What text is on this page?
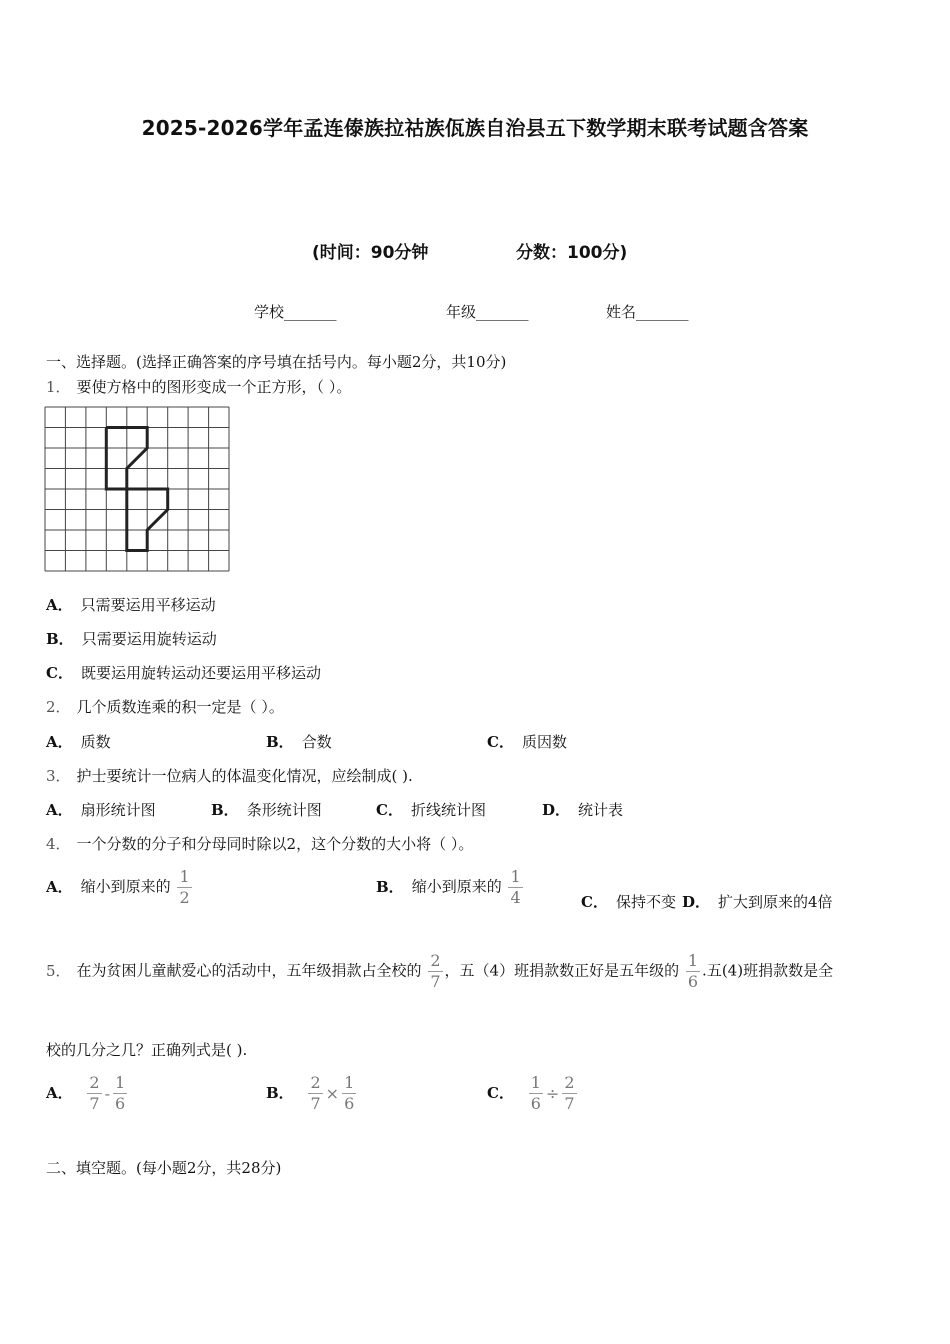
2025-2026学年孟连傣族拉祜族佤族自治县五下数学期末联考试题含答案
(时间：90分钟	分数：100分)
学校_______	年级_______	姓名_______
一、选择题。(选择正确答案的序号填在括号内。每小题2分，共10分)
1． 要使方格中的图形变成一个正方形，（ ）。
A． 只需要运用平移运动
B． 只需要运用旋转运动
C． 既要运用旋转运动还要运用平移运动
2． 几个质数连乘的积一定是（ ）。
A． 质数	B． 合数	C． 质因数
3． 护士要统计一位病人的体温变化情况，应绘制成( ).
A． 扇形统计图	B． 条形统计图	C． 折线统计图	D． 统计表
4． 一个分数的分子和分母同时除以2，这个分数的大小将（ ）。
A． 缩小到原来的 $\frac{1}{2}$	B． 缩小到原来的 $\frac{1}{4}$	C． 保持不变 D． 扩大到原来的4倍
5． 在为贫困儿童献爱心的活动中，五年级捐款占全校的 $\frac{2}{7}$ ，五（4）班捐款数正好是五年级的 $\frac{1}{6}$ .五(4)班捐款数是全
校的几分之几？正确列式是( ).
A． $\frac{2}{7} - \frac{1}{6}$	B． $\frac{2}{7} \times \frac{1}{6}$	C． $\frac{1}{6} \div \frac{2}{7}$
二、填空题。(每小题2分，共28分)
